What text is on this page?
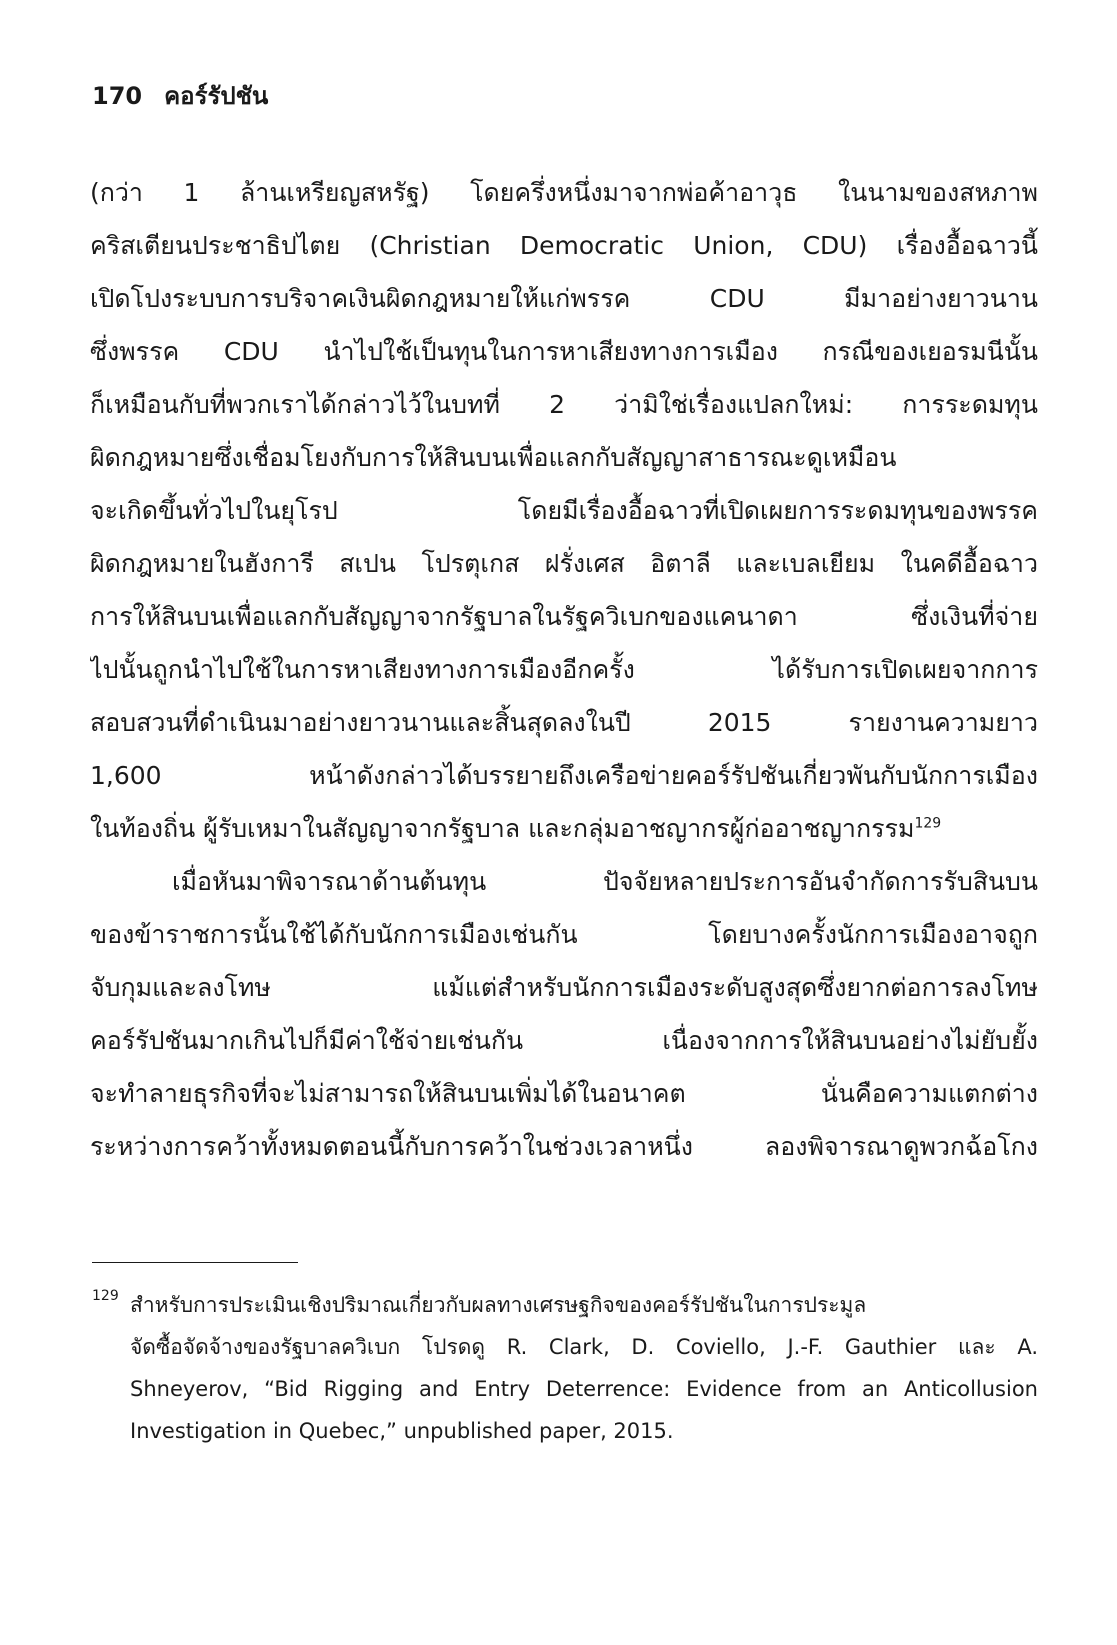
170 คอร์รัปชัน
(กว่า 1 ล้านเหรียญสหรัฐ) โดยครึ่งหนึ่งมาจากพ่อค้าอาวุธ ในนามของสหภาพ
คริสเตียนประชาธิปไตย (Christian Democratic Union, CDU) เรื่องอื้อฉาวนี้
เปิดโปงระบบการบริจาคเงินผิดกฎหมายให้แก่พรรค CDU มีมาอย่างยาวนาน
ซึ่งพรรค CDU นำไปใช้เป็นทุนในการหาเสียงทางการเมือง กรณีของเยอรมนีนั้น
ก็เหมือนกับที่พวกเราได้กล่าวไว้ในบทที่ 2 ว่ามิใช่เรื่องแปลกใหม่: การระดมทุน
ผิดกฎหมายซึ่งเชื่อมโยงกับการให้สินบนเพื่อแลกกับสัญญาสาธารณะดูเหมือน
จะเกิดขึ้นทั่วไปในยุโรป โดยมีเรื่องอื้อฉาวที่เปิดเผยการระดมทุนของพรรค
ผิดกฎหมายในฮังการี สเปน โปรตุเกส ฝรั่งเศส อิตาลี และเบลเยียม ในคดีอื้อฉาว
การให้สินบนเพื่อแลกกับสัญญาจากรัฐบาลในรัฐควิเบกของแคนาดา ซึ่งเงินที่จ่าย
ไปนั้นถูกนำไปใช้ในการหาเสียงทางการเมืองอีกครั้ง ได้รับการเปิดเผยจากการ
สอบสวนที่ดำเนินมาอย่างยาวนานและสิ้นสุดลงในปี 2015 รายงานความยาว
1,600 หน้าดังกล่าวได้บรรยายถึงเครือข่ายคอร์รัปชันเกี่ยวพันกับนักการเมือง
ในท้องถิ่น ผู้รับเหมาในสัญญาจากรัฐบาล และกลุ่มอาชญากรผู้ก่ออาชญากรรม$^{129}$
เมื่อหันมาพิจารณาด้านต้นทุน ปัจจัยหลายประการอันจำกัดการรับสินบน
ของข้าราชการนั้นใช้ได้กับนักการเมืองเช่นกัน โดยบางครั้งนักการเมืองอาจถูก
จับกุมและลงโทษ แม้แต่สำหรับนักการเมืองระดับสูงสุดซึ่งยากต่อการลงโทษ
คอร์รัปชันมากเกินไปก็มีค่าใช้จ่ายเช่นกัน เนื่องจากการให้สินบนอย่างไม่ยับยั้ง
จะทำลายธุรกิจที่จะไม่สามารถให้สินบนเพิ่มได้ในอนาคต นั่นคือความแตกต่าง
ระหว่างการคว้าทั้งหมดตอนนี้กับการคว้าในช่วงเวลาหนึ่ง ลองพิจารณาดูพวกฉ้อโกง
129 สำหรับการประเมินเชิงปริมาณเกี่ยวกับผลทางเศรษฐกิจของคอร์รัปชันในการประมูล
จัดซื้อจัดจ้างของรัฐบาลควิเบก โปรดดู R. Clark, D. Coviello, J.-F. Gauthier และ A.
Shneyerov, “Bid Rigging and Entry Deterrence: Evidence from an Anticollusion
Investigation in Quebec,” unpublished paper, 2015.
